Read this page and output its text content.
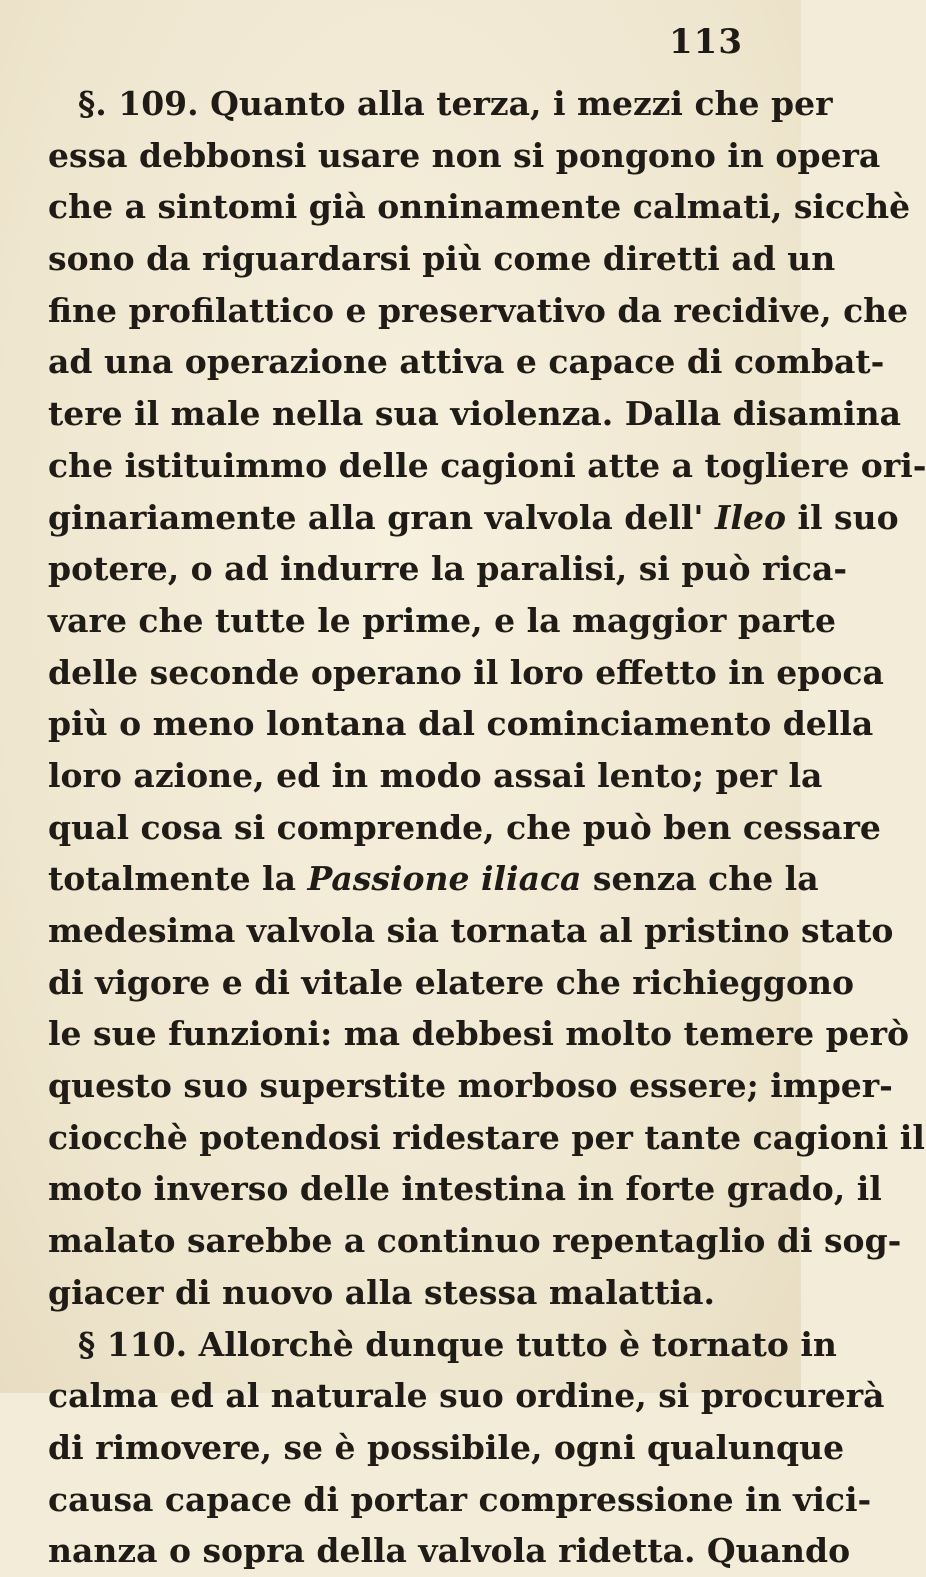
113
§. 109. Quanto alla terza, i mezzi che per
essa debbonsi usare non si pongono in opera
che a sintomi già onninamente calmati, sicchè
sono da riguardarsi più come diretti ad un
fine profilattico e preservativo da recidive, che
ad una operazione attiva e capace di combat-
tere il male nella sua violenza. Dalla disamina
che istituimmo delle cagioni atte a togliere ori-
ginariamente alla gran valvola dell' Ileo il suo
potere, o ad indurre la paralisi, si può rica-
vare che tutte le prime, e la maggior parte
delle seconde operano il loro effetto in epoca
più o meno lontana dal cominciamento della
loro azione, ed in modo assai lento; per la
qual cosa si comprende, che può ben cessare
totalmente la Passione iliaca senza che la
medesima valvola sia tornata al pristino stato
di vigore e di vitale elatere che richieggono
le sue funzioni: ma debbesi molto temere però
questo suo superstite morboso essere; imper-
ciocchè potendosi ridestare per tante cagioni il
moto inverso delle intestina in forte grado, il
malato sarebbe a continuo repentaglio di sog-
giacer di nuovo alla stessa malattia.
§ 110. Allorchè dunque tutto è tornato in
calma ed al naturale suo ordine, si procurerà
di rimovere, se è possibile, ogni qualunque
causa capace di portar compressione in vici-
nanza o sopra della valvola ridetta. Quando
